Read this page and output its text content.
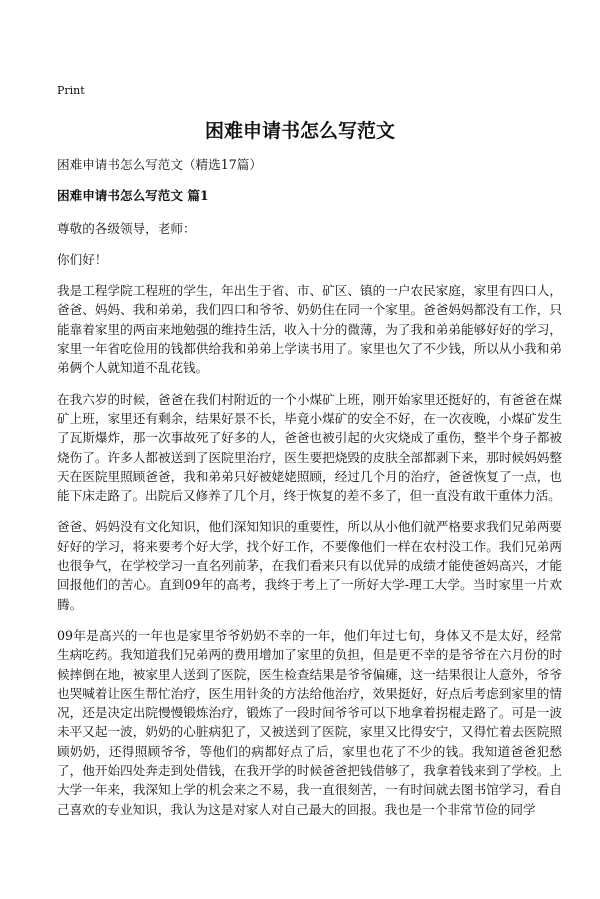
Print
困难申请书怎么写范文

困难申请书怎么写范文（精选17篇）

困难申请书怎么写范文 篇1

尊敬的各级领导，老师：

你们好！

我是工程学院工程班的学生，年出生于省、市、矿区、镇的一户农民家庭，家里有四口人，爸爸、妈妈、我和弟弟，我们四口和爷爷、奶奶住在同一个家里。爸爸妈妈都没有工作，只能靠着家里的两亩来地勉强的维持生活，收入十分的微薄，为了我和弟弟能够好好的学习，家里一年省吃俭用的钱都供给我和弟弟上学读书用了。家里也欠了不少钱，所以从小我和弟弟俩个人就知道不乱花钱。

在我六岁的时候，爸爸在我们村附近的一个小煤矿上班，刚开始家里还挺好的，有爸爸在煤矿上班，家里还有剩余，结果好景不长，毕竟小煤矿的安全不好，在一次夜晚，小煤矿发生了瓦斯爆炸，那一次事故死了好多的人，爸爸也被引起的火灾烧成了重伤，整半个身子都被烧伤了。许多人都被送到了医院里治疗，医生要把烧毁的皮肤全部都剥下来，那时候妈妈整天在医院里照顾爸爸，我和弟弟只好被姥姥照顾，经过几个月的治疗，爸爸恢复了一点，也能下床走路了。出院后又修养了几个月，终于恢复的差不多了，但一直没有敢干重体力活。

爸爸、妈妈没有文化知识，他们深知知识的重要性，所以从小他们就严格要求我们兄弟两要好好的学习，将来要考个好大学，找个好工作，不要像他们一样在农村没工作。我们兄弟两也很争气，在学校学习一直名列前茅，在我们看来只有以优异的成绩才能使爸妈高兴，才能回报他们的苦心。直到09年的高考，我终于考上了一所好大学-理工大学。当时家里一片欢腾。

09年是高兴的一年也是家里爷爷奶奶不幸的一年，他们年过七旬，身体又不是太好，经常生病吃药。我知道我们兄弟两的费用增加了家里的负担，但是更不幸的是爷爷在六月份的时候摔倒在地，被家里人送到了医院，医生检查结果是爷爷偏瘫，这一结果很让人意外，爷爷也哭喊着让医生帮忙治疗，医生用针灸的方法给他治疗，效果挺好，好点后考虑到家里的情况，还是决定出院慢慢锻炼治疗，锻炼了一段时间爷爷可以下地拿着拐棍走路了。可是一波未平又起一波，奶奶的心脏病犯了，又被送到了医院，家里又比得安宁，又得忙着去医院照顾奶奶，还得照顾爷爷，等他们的病都好点了后，家里也花了不少的钱。我知道爸爸犯愁了，他开始四处奔走到处借钱，在我开学的时候爸爸把钱借够了，我拿着钱来到了学校。上大学一年来，我深知上学的机会来之不易，我一直很刻苦，一有时间就去图书馆学习，看自己喜欢的专业知识，我认为这是对家人对自己最大的回报。我也是一个非常节俭的同学
